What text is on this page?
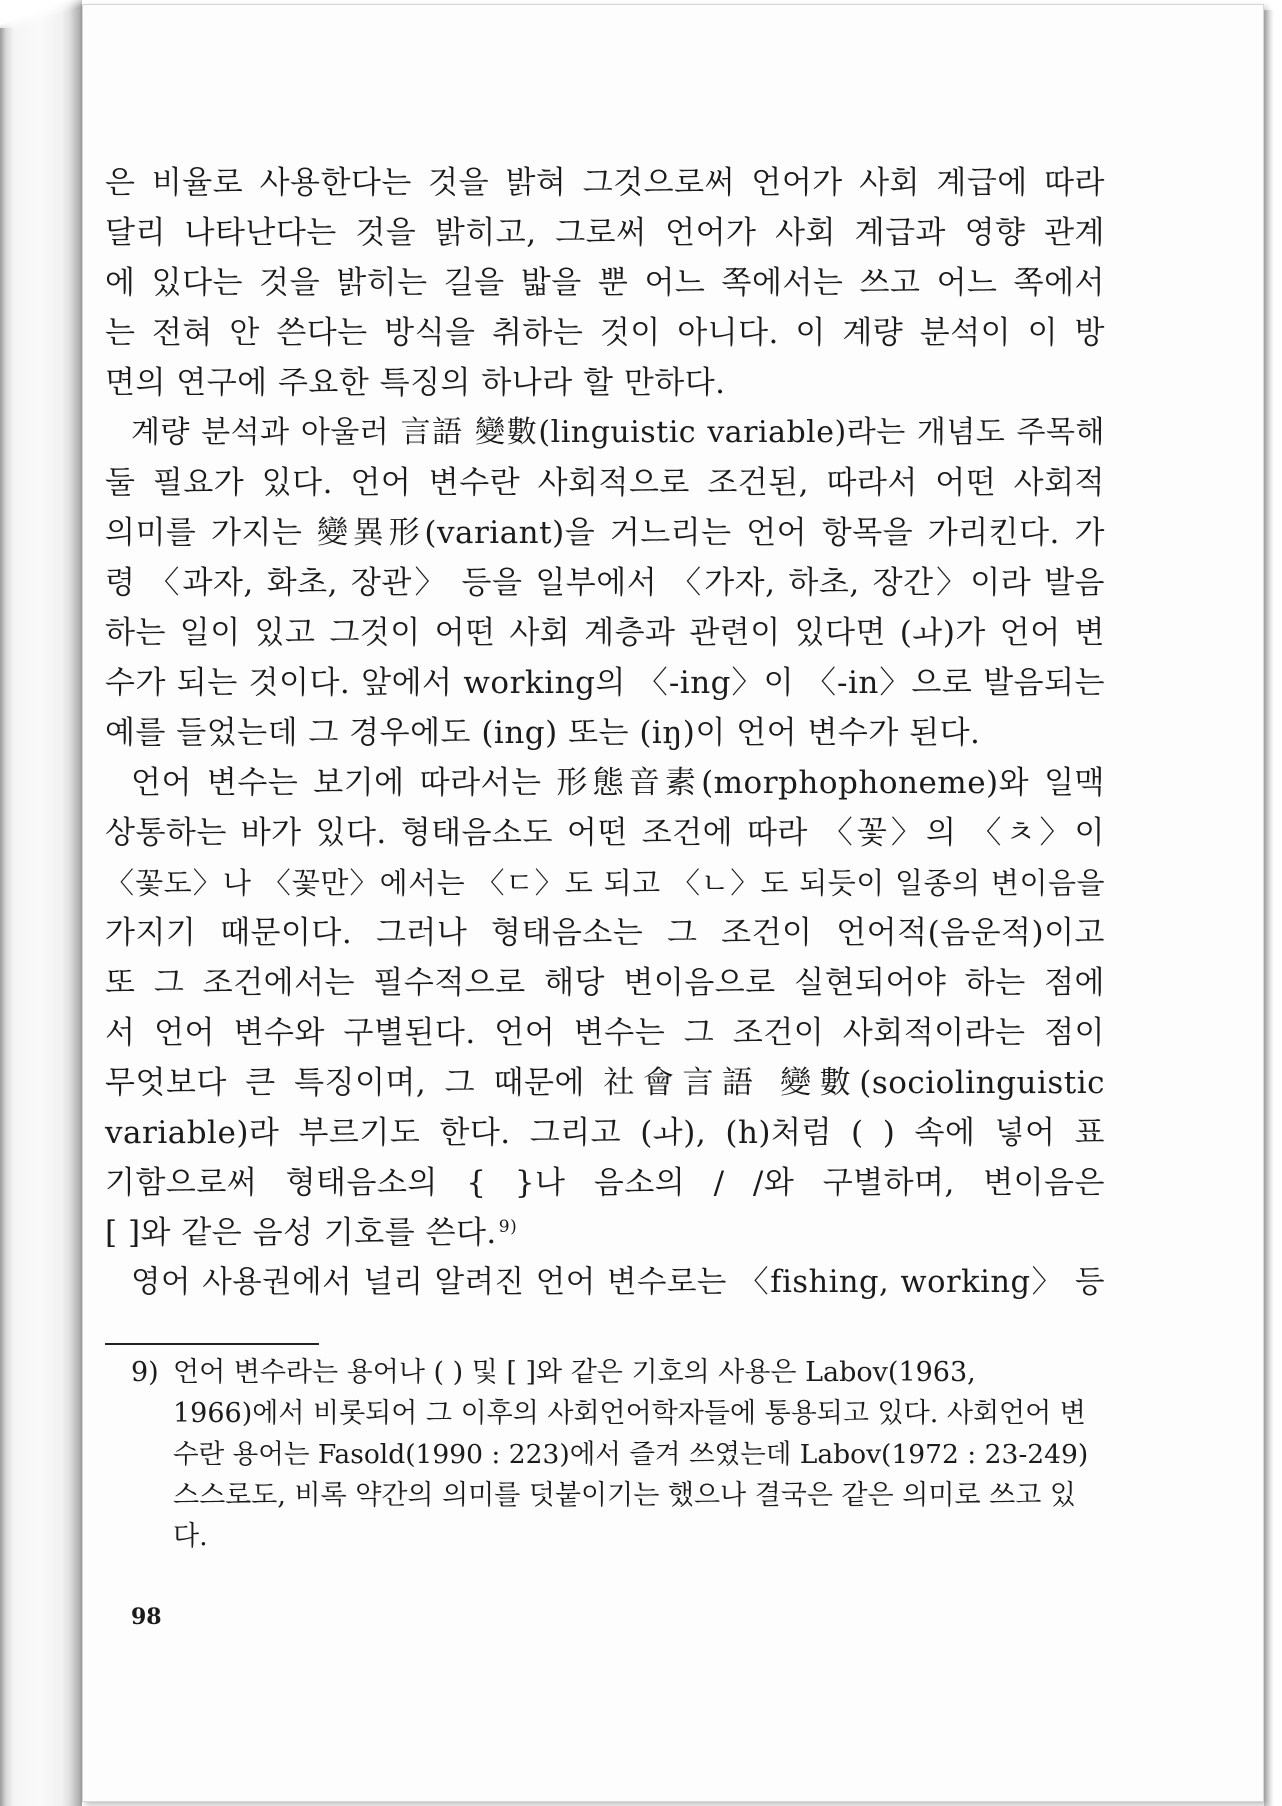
은 비율로 사용한다는 것을 밝혀 그것으로써 언어가 사회 계급에 따라
달리 나타난다는 것을 밝히고, 그로써 언어가 사회 계급과 영향 관계
에 있다는 것을 밝히는 길을 밟을 뿐 어느 쪽에서는 쓰고 어느 쪽에서
는 전혀 안 쓴다는 방식을 취하는 것이 아니다. 이 계량 분석이 이 방
면의 연구에 주요한 특징의 하나라 할 만하다.
계량 분석과 아울러 言語 變數(linguistic variable)라는 개념도 주목해
둘 필요가 있다. 언어 변수란 사회적으로 조건된, 따라서 어떤 사회적
의미를 가지는 變異形(variant)을 거느리는 언어 항목을 가리킨다. 가
령 〈과자, 화초, 장관〉 등을 일부에서 〈가자, 하초, 장간〉이라 발음
하는 일이 있고 그것이 어떤 사회 계층과 관련이 있다면 (ㅘ)가 언어 변
수가 되는 것이다. 앞에서 working의 〈-ing〉이 〈-in〉으로 발음되는
예를 들었는데 그 경우에도 (ing) 또는 (iŋ)이 언어 변수가 된다.
언어 변수는 보기에 따라서는 形態音素(morphophoneme)와 일맥
상통하는 바가 있다. 형태음소도 어떤 조건에 따라 〈꽃〉의 〈ㅊ〉이
〈꽃도〉나 〈꽃만〉에서는 〈ㄷ〉도 되고 〈ㄴ〉도 되듯이 일종의 변이음을
가지기 때문이다. 그러나 형태음소는 그 조건이 언어적(음운적)이고
또 그 조건에서는 필수적으로 해당 변이음으로 실현되어야 하는 점에
서 언어 변수와 구별된다. 언어 변수는 그 조건이 사회적이라는 점이
무엇보다 큰 특징이며, 그 때문에 社會言語 變數(sociolinguistic
variable)라 부르기도 한다. 그리고 (ㅘ), (h)처럼 ( ) 속에 넣어 표
기함으로써 형태음소의 { }나 음소의 / /와 구별하며, 변이음은
[ ]와 같은 음성 기호를 쓴다. $^{9)}$
영어 사용권에서 널리 알려진 언어 변수로는 〈fishing, working〉 등
9) 언어 변수라는 용어나 ( ) 및 [ ]와 같은 기호의 사용은 Labov(1963,
1966)에서 비롯되어 그 이후의 사회언어학자들에 통용되고 있다. 사회언어 변
수란 용어는 Fasold(1990 : 223)에서 즐겨 쓰였는데 Labov(1972 : 23-249)
스스로도, 비록 약간의 의미를 덧붙이기는 했으나 결국은 같은 의미로 쓰고 있
다.
98
